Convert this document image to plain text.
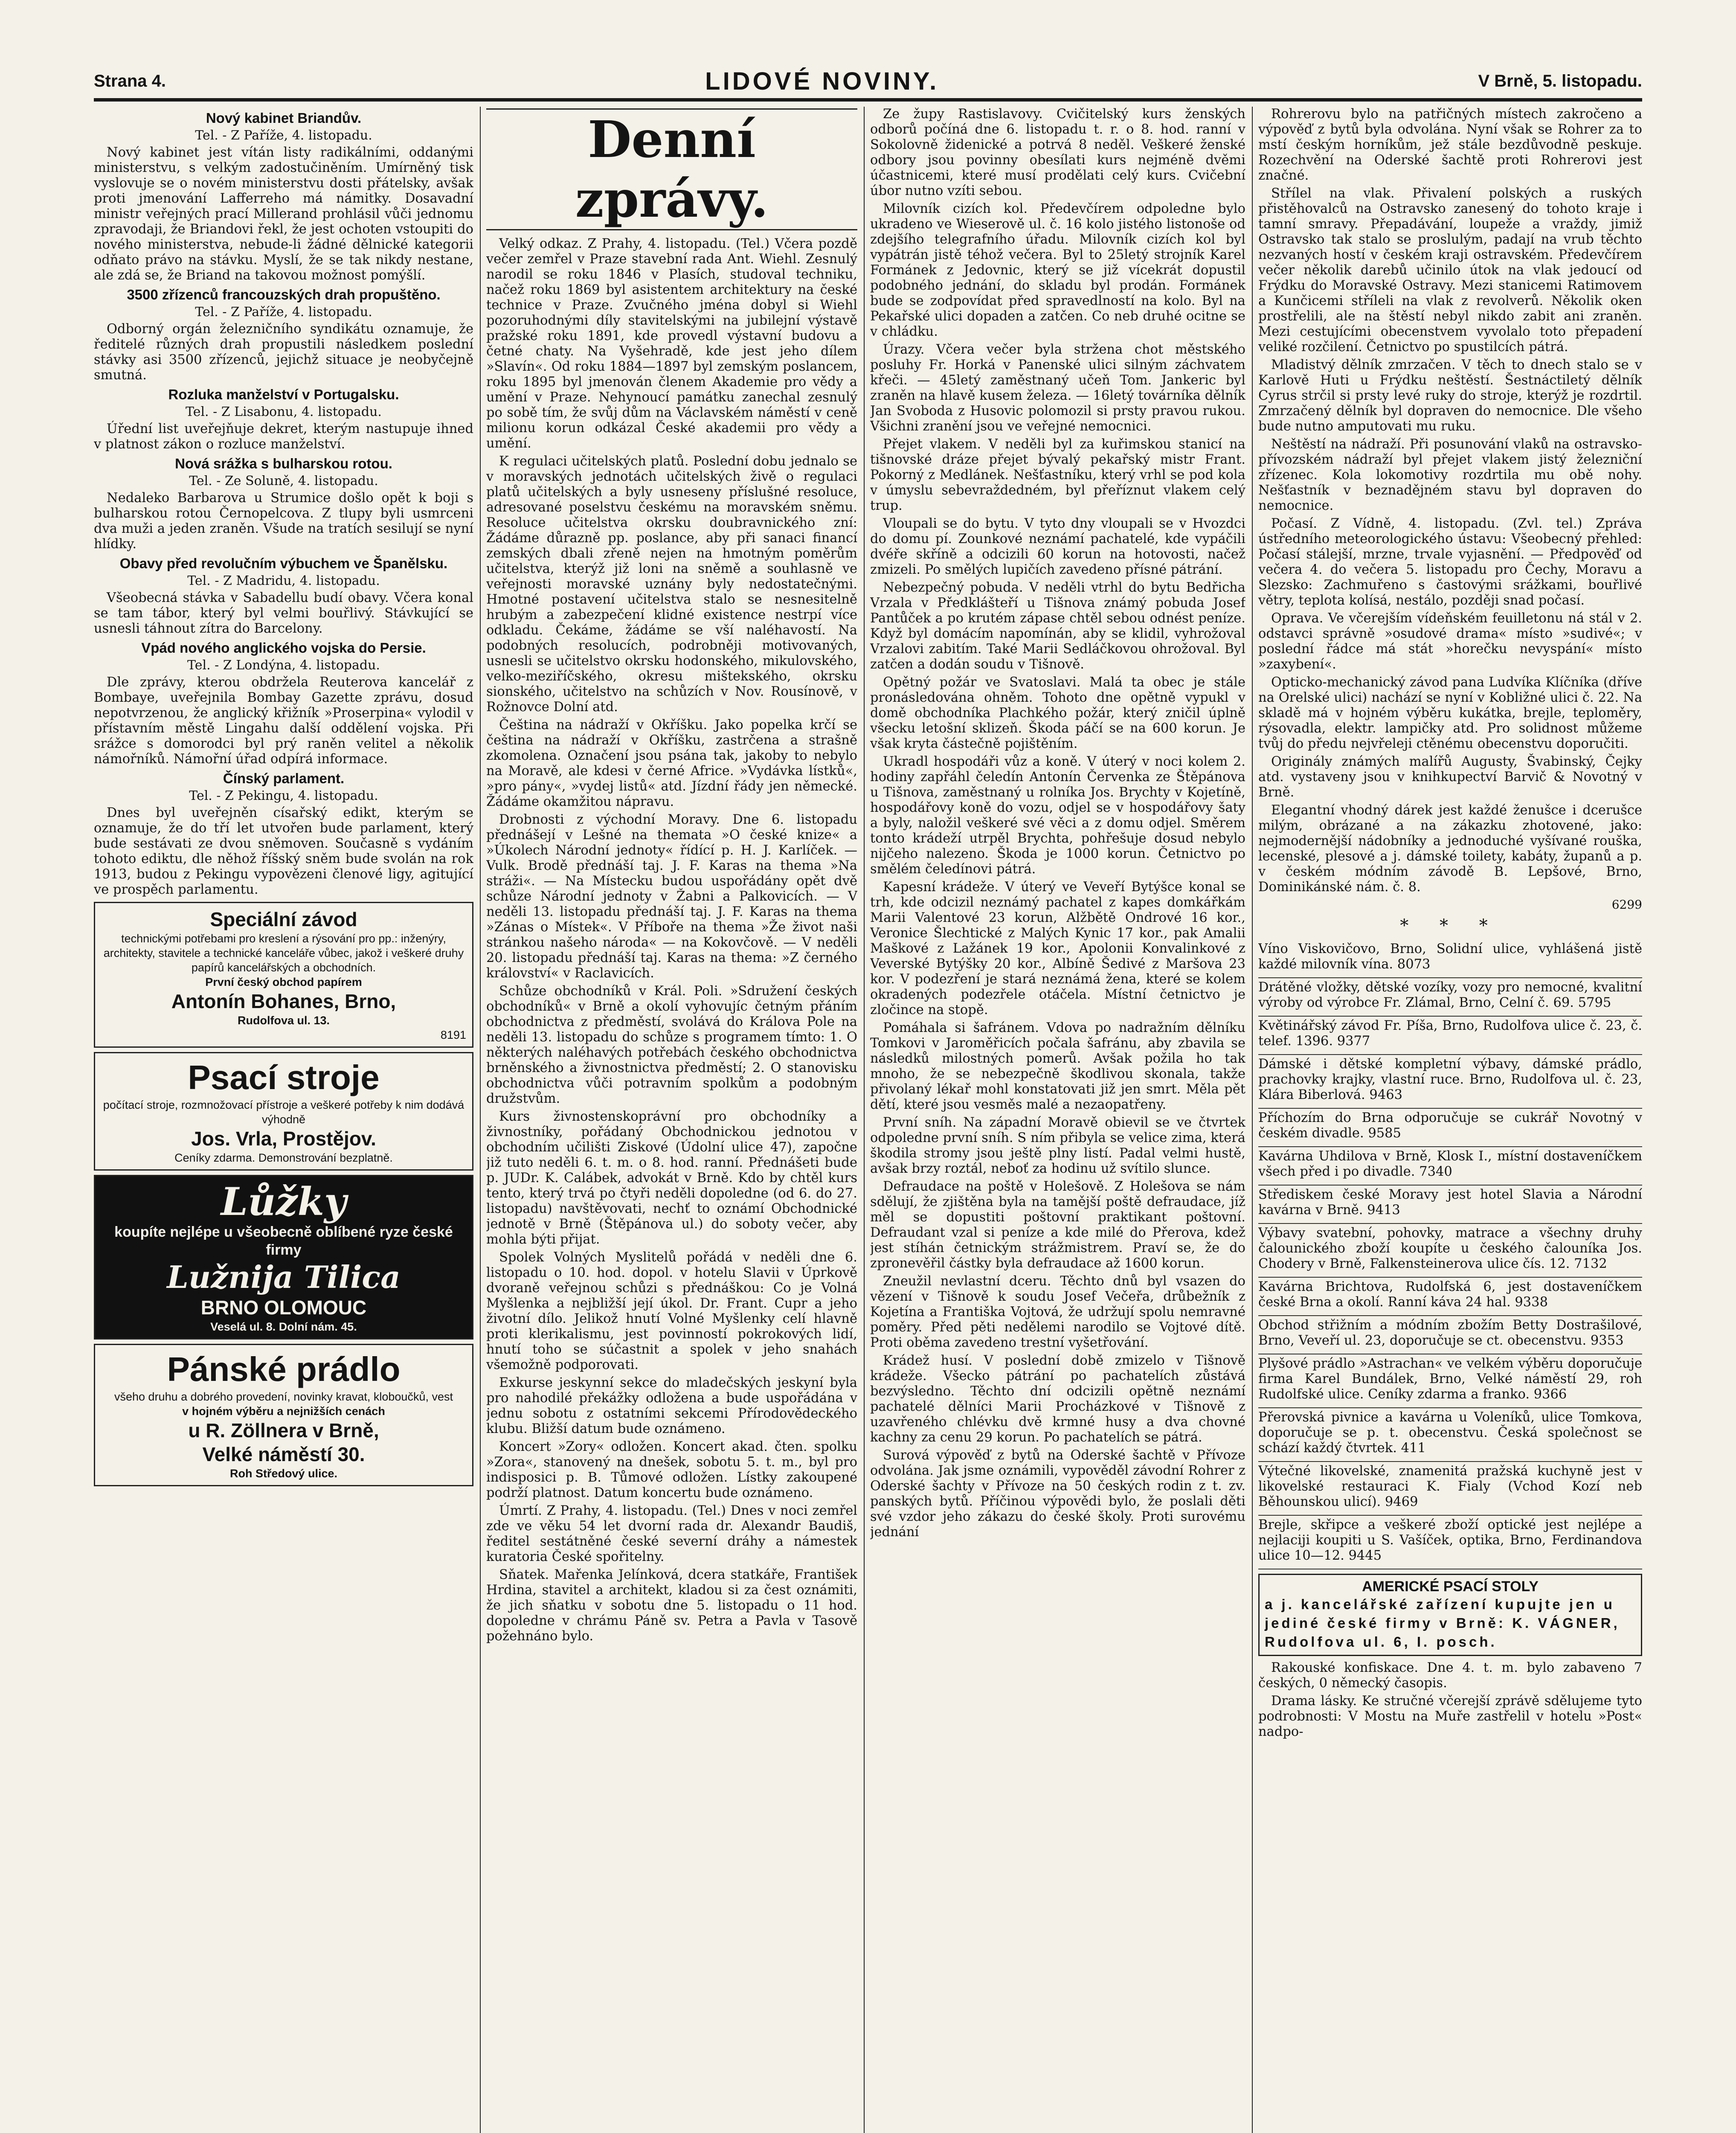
Strana 4.	LIDOVÉ NOVINY.	V Brně, 5. listopadu.
Nový kabinet Briandův.
Tel. - Z Paříže, 4. listopadu.

Nový kabinet jest vítán listy radikálními, oddanými ministerstvu, s velkým zadostučiněním. Umírněný tisk vyslovuje se o novém ministerstvu dosti přátelsky, avšak proti jmenování Lafferreho má námitky. Dosavadní ministr veřejných prací Millerand prohlásil vůči jednomu zpravodaji, že Briandovi řekl, že jest ochoten vstoupiti do nového ministerstva, nebude-li žádné dělnické kategorii odňato právo na stávku. Myslí, že se tak nikdy nestane, ale zdá se, že Briand na takovou možnost pomýšlí.

3500 zřízenců francouzských drah propuštěno.
Tel. - Z Paříže, 4. listopadu.

Odborný orgán železničního syndikátu oznamuje, že ředitelé různých drah propustili následkem poslední stávky asi 3500 zřízenců, jejichž situace je neobyčejně smutná.

Rozluka manželství v Portugalsku.
Tel. - Z Lisabonu, 4. listopadu.

Úřední list uveřejňuje dekret, kterým nastupuje ihned v platnost zákon o rozluce manželství.

Nová srážka s bulharskou rotou.
Tel. - Ze Soluně, 4. listopadu.

Nedaleko Barbarova u Strumice došlo opět k boji s bulharskou rotou Černopelcova. Z tlupy byli usmrceni dva muži a jeden zraněn. Všude na tratích sesilují se nyní hlídky.

Obavy před revolučním výbuchem ve Španělsku.
Tel. - Z Madridu, 4. listopadu.

Všeobecná stávka v Sabadellu budí obavy. Včera konal se tam tábor, který byl velmi bouřlivý. Stávkující se usnesli táhnout zítra do Barcelony.

Vpád nového anglického vojska do Persie.
Tel. - Z Londýna, 4. listopadu.

Dle zprávy, kterou obdržela Reuterova kancelář z Bombaye, uveřejnila Bombay Gazette zprávu, dosud nepotvrzenou, že anglický křižník »Proserpina« vylodil v přístavním městě Lingahu další oddělení vojska. Při srážce s domorodci byl prý raněn velitel a několik námořníků. Námořní úřad odpírá informace.

Čínský parlament.
Tel. - Z Pekingu, 4. listopadu.

Dnes byl uveřejněn císařský edikt, kterým se oznamuje, že do tří let utvořen bude parlament, který bude sestávati ze dvou sněmoven. Současně s vydáním tohoto ediktu, dle něhož říšský sněm bude svolán na rok 1913, budou z Pekingu vypovězeni členové ligy, agitující ve prospěch parlamentu.

Speciální závod
technickými potřebami pro kreslení a rýsování pro pp.: inženýry, architekty, stavitele a technické kanceláře vůbec, jakož i veškeré druhy papírů kancelářských a obchodních.
První český obchod papírem
Antonín Bohanes, Brno,
Rudolfova ul. 13.
8191
Psací stroje
počítací stroje, rozmnožovací přístroje a veškeré potřeby k nim dodává výhodně
Jos. Vrla, Prostějov.
Ceníky zdarma. Demonstrování bezplatně.
Lůžky
koupíte nejlépe u všeobecně oblíbené ryze české firmy
Lužnija Tilica
BRNO OLOMOUC
Veselá ul. 8. Dolní nám. 45.
Pánské prádlo
všeho druhu a dobrého provedení, novinky kravat, kloboučků, vest
v hojném výběru a nejnižších cenách
u R. Zöllnera v Brně,
Velké náměstí 30.
Roh Středový ulice.
Denní zprávy.

Velký odkaz. Z Prahy, 4. listopadu. (Tel.) Včera pozdě večer zemřel v Praze stavební rada Ant. Wiehl. Zesnulý narodil se roku 1846 v Plasích, studoval techniku, načež roku 1869 byl asistentem architektury na české technice v Praze. Zvučného jména dobyl si Wiehl pozoruhodnými díly stavitelskými na jubilejní výstavě pražské roku 1891, kde provedl výstavní budovu a četné chaty. Na Vyšehradě, kde jest jeho dílem »Slavín«. Od roku 1884—1897 byl zemským poslancem, roku 1895 byl jmenován členem Akademie pro vědy a umění v Praze. Nehynoucí památku zanechal zesnulý po sobě tím, že svůj dům na Václavském náměstí v ceně milionu korun odkázal České akademii pro vědy a umění.

K regulaci učitelských platů. Poslední dobu jednalo se v moravských jednotách učitelských živě o regulaci platů učitelských a byly usneseny příslušné resoluce, adresované poselstvu českému na moravském sněmu. Resoluce učitelstva okrsku doubravnického zní: Žádáme důrazně pp. poslance, aby při sanaci financí zemských dbali zřeně nejen na hmotným poměrům učitelstva, kterýž již loni na sněmě a souhlasně ve veřejnosti moravské uznány byly nedostatečnými. Hmotné postavení učitelstva stalo se nesnesitelně hrubým a zabezpečení klidné existence nestrpí více odkladu. Čekáme, žádáme se vší naléhavostí. Na podobných resolucích, podrobněji motivovaných, usnesli se učitelstvo okrsku hodonského, mikulovského, velko-meziříčského, okresu mištekského, okrsku sionského, učitelstvo na schůzích v Nov. Rousínově, v Rožnovce Dolní atd.

Čeština na nádraží v Okříšku. Jako popelka krčí se čeština na nádraží v Okříšku, zastrčena a strašně zkomolena. Označení jsou psána tak, jakoby to nebylo na Moravě, ale kdesi v černé Africe. »Vydávka lístků«, »pro pány«, »vydej listů« atd. Jízdní řády jen německé. Žádáme okamžitou nápravu.

Drobnosti z východní Moravy. Dne 6. listopadu přednášejí v Lešné na themata »O české knize« a »Úkolech Národní jednoty« řídící p. H. J. Karlíček. — Vulk. Brodě přednáší taj. J. F. Karas na thema »Na stráži«. — Na Místecku budou uspořádány opět dvě schůze Národní jednoty v Žabni a Palkovicích. — V neděli 13. listopadu přednáší taj. J. F. Karas na thema »Zánas o Místek«. V Příboře na thema »Že život naši stránkou našeho národa« — na Kokovčově. — V neděli 20. listopadu přednáší taj. Karas na thema: »Z černého království« v Raclavicích.

Schůze obchodníků v Král. Poli. »Sdružení českých obchodníků« v Brně a okolí vyhovujíc četným přáním obchodnictva z předměstí, svolává do Králova Pole na neděli 13. listopadu do schůze s programem tímto: 1. O některých naléhavých potřebách českého obchodnictva brněnského a živnostnictva předměstí; 2. O stanovisku obchodnictva vůči potravním spolkům a podobným družstvům.

Kurs živnostenskoprávní pro obchodníky a živnostníky, pořádaný Obchodnickou jednotou v obchodním učilišti Ziskové (Údolní ulice 47), započne již tuto neděli 6. t. m. o 8. hod. ranní. Přednášeti bude p. JUDr. K. Calábek, advokát v Brně. Kdo by chtěl kurs tento, který trvá po čtyři neděli dopoledne (od 6. do 27. listopadu) navštěvovati, nechť to oznámí Obchodnické jednotě v Brně (Štěpánova ul.) do soboty večer, aby mohla býti přijat.

Spolek Volných Myslitelů pořádá v neděli dne 6. listopadu o 10. hod. dopol. v hotelu Slavii v Úprkově dvoraně veřejnou schůzi s přednáškou: Co je Volná Myšlenka a nejbližší její úkol. Dr. Frant. Cupr a jeho životní dílo. Jelikož hnutí Volné Myšlenky celí hlavně proti klerikalismu, jest povinností pokrokových lidí, hnutí toho se súčastnit a spolek v jeho snahách všemožně podporovati.

Exkurse jeskynní sekce do mladečských jeskyní byla pro nahodilé překážky odložena a bude uspořádána v jednu sobotu z ostatními sekcemi Přírodovědeckého klubu. Bližší datum bude oznámeno.

Koncert »Zory« odložen. Koncert akad. čten. spolku »Zora«, stanovený na dnešek, sobotu 5. t. m., byl pro indisposici p. B. Tůmové odložen. Lístky zakoupené podrží platnost. Datum koncertu bude oznámeno.

Úmrtí. Z Prahy, 4. listopadu. (Tel.) Dnes v noci zemřel zde ve věku 54 let dvorní rada dr. Alexandr Baudiš, ředitel sestátněné české severní dráhy a námestek kuratoria České spořitelny.

Sňatek. Mařenka Jelínková, dcera statkáře, František Hrdina, stavitel a architekt, kladou si za čest oznámiti, že jich sňatku v sobotu dne 5. listopadu o 11 hod. dopoledne v chrámu Páně sv. Petra a Pavla v Tasově požehnáno bylo.

Ze župy Rastislavovy. Cvičitelský kurs ženských odborů počíná dne 6. listopadu t. r. o 8. hod. ranní v Sokolovně židenické a potrvá 8 neděl. Veškeré ženské odbory jsou povinny obesílati kurs nejméně dvěmi účastnicemi, které musí prodělati celý kurs. Cvičební úbor nutno vzíti sebou.

Milovník cizích kol. Předevčírem odpoledne bylo ukradeno ve Wieserově ul. č. 16 kolo jistého listonoše od zdejšího telegrafního úřadu. Milovník cizích kol byl vypátrán jistě téhož večera. Byl to 25letý strojník Karel Formánek z Jedovnic, který se již vícekrát dopustil podobného jednání, do skladu byl prodán. Formánek bude se zodpovídat před spravedlností na kolo. Byl na Pekařské ulici dopaden a zatčen. Co neb druhé ocitne se v chládku.

Úrazy. Včera večer byla stržena chot městského posluhy Fr. Horká v Panenské ulici silným záchvatem křeči. — 45letý zaměstnaný učeň Tom. Jankeric byl zraněn na hlavě kusem železa. — 16letý továrníka dělník Jan Svoboda z Husovic polomozil si prsty pravou rukou. Všichni zranění jsou ve veřejné nemocnici.

Přejet vlakem. V neděli byl za kuřimskou stanicí na tišnovské dráze přejet bývalý pekařský mistr Frant. Pokorný z Medlánek. Nešťastníku, který vrhl se pod kola v úmyslu sebevraždedném, byl přeříznut vlakem celý trup.

Vloupali se do bytu. V tyto dny vloupali se v Hvozdci do domu pí. Zounkové neznámí pachatelé, kde vypáčili dvéře skříně a odcizili 60 korun na hotovosti, načež zmizeli. Po smělých lupičích zavedeno přísné pátrání.

Nebezpečný pobuda. V neděli vtrhl do bytu Bedřicha Vrzala v Předklášteří u Tišnova známý pobuda Josef Pantůček a po krutém zápase chtěl sebou odnést peníze. Když byl domácím napomínán, aby se klidil, vyhrožoval Vrzalovi zabitím. Také Marii Sedláčkovou ohrožoval. Byl zatčen a dodán soudu v Tišnově.

Opětný požár ve Svatoslavi. Malá ta obec je stále pronásledována ohněm. Tohoto dne opětně vypukl v domě obchodníka Plachkého požár, který zničil úplně všecku letošní sklizeň. Škoda páčí se na 600 korun. Je však kryta částečně pojištěním.

Ukradl hospodáři vůz a koně. V úterý v noci kolem 2. hodiny zapřáhl čeledín Antonín Červenka ze Štěpánova u Tišnova, zaměstnaný u rolníka Jos. Brychty v Kojetíně, hospodářovy koně do vozu, odjel se v hospodářovy šaty a byly, naložil veškeré své věci a z domu odjel. Směrem tonto krádeží utrpěl Brychta, pohřešuje dosud nebylo nijčeho nalezeno. Škoda je 1000 korun. Četnictvo po smělém čeledínovi pátrá.

Kapesní krádeže. V úterý ve Veveří Bytýšce konal se trh, kde odcizil neznámý pachatel z kapes domkářkám Marii Valentové 23 korun, Alžbětě Ondrové 16 kor., Veronice Šlechtické z Malých Kynic 17 kor., pak Amalii Maškové z Lažánek 19 kor., Apolonii Konvalinkové z Veverské Bytýšky 20 kor., Albíně Šedivé z Maršova 23 kor. V podezření je stará neznámá žena, které se kolem okradených podezřele otáčela. Místní četnictvo je zločince na stopě.

Pomáhala si šafránem. Vdova po nadražním dělníku Tomkovi v Jaroměřicích počala šafránu, aby zbavila se následků milostných pomerů. Avšak požila ho tak mnoho, že se nebezpečně škodlivou skonala, takže přivolaný lékař mohl konstatovati již jen smrt. Měla pět dětí, které jsou vesměs malé a nezaopatřeny.

První sníh. Na západní Moravě obievil se ve čtvrtek odpoledne první sníh. S ním přibyla se velice zima, která škodila stromy jsou ještě plny listí. Padal velmi hustě, avšak brzy roztál, neboť za hodinu už svítilo slunce.

Defraudace na poště v Holešově. Z Holešova se nám sdělují, že zjištěna byla na tamější poště defraudace, jíž měl se dopustiti poštovní praktikant poštovní. Defraudant vzal si peníze a kde milé do Přerova, kdež jest stíhán četnickým strážmistrem. Praví se, že do zpronevěřil částky byla defraudace až 1600 korun.

Zneužil nevlastní dceru. Těchto dnů byl vsazen do vězení v Tišnově k soudu Josef Večeřa, drůbežník z Kojetína a Františka Vojtová, že udržují spolu nemravné poměry. Před pěti nedělemi narodilo se Vojtové dítě. Proti oběma zavedeno trestní vyšetřování.

Krádež husí. V poslední době zmizelo v Tišnově krádeže. Všecko pátrání po pachatelích zůstává bezvýsledno. Těchto dní odcizili opětně neznámí pachatelé dělníci Marii Procházkové v Tišnově z uzavřeného chlévku dvě krmné husy a dva chovné kachny za cenu 29 korun. Po pachatelích se pátrá.

Surová výpověď z bytů na Oderské šachtě v Přívoze odvolána. Jak jsme oznámili, vypověděl závodní Rohrer z Oderské šachty v Přívoze na 50 českých rodin z t. zv. panských bytů. Příčinou výpovědi bylo, že poslali děti své vzdor jeho zákazu do české školy. Proti surovému jednání

Rohrerovu bylo na patřičných místech zakročeno a výpověď z bytů byla odvolána. Nyní však se Rohrer za to mstí českým horníkům, jež stále bezdůvodně peskuje. Rozechvění na Oderské šachtě proti Rohrerovi jest značné.

Střílel na vlak. Přivalení polských a ruských přistěhovalců na Ostravsko zanesený do tohoto kraje i tamní smravy. Přepadávání, loupeže a vraždy, jimiž Ostravsko tak stalo se proslulým, padají na vrub těchto nezvaných hostí v českém kraji ostravském. Předevčírem večer několik darebů učinilo útok na vlak jedoucí od Frýdku do Moravské Ostravy. Mezi stanicemi Ratimovem a Kunčicemi stříleli na vlak z revolverů. Několik oken prostřelili, ale na štěstí nebyl nikdo zabit ani zraněn. Mezi cestujícími obecenstvem vyvolalo toto přepadení veliké rozčilení. Četnictvo po spustilcích pátrá.

Mladistvý dělník zmrzačen. V těch to dnech stalo se v Karlově Huti u Frýdku neštěstí. Šestnáctiletý dělník Cyrus strčil si prsty levé ruky do stroje, kterýž je rozdrtil. Zmrzačený dělník byl dopraven do nemocnice. Dle všeho bude nutno amputovati mu ruku.

Neštěstí na nádraží. Při posunování vlaků na ostravsko-přívozském nádraží byl přejet vlakem jistý železniční zřízenec. Kola lokomotivy rozdrtila mu obě nohy. Nešťastník v beznadějném stavu byl dopraven do nemocnice.

Počasí. Z Vídně, 4. listopadu. (Zvl. tel.) Zpráva ústředního meteorologického ústavu: Všeobecný přehled: Počasí stálejší, mrzne, trvale vyjasnění. — Předpověď od večera 4. do večera 5. listopadu pro Čechy, Moravu a Slezsko: Zachmuřeno s častovými srážkami, bouřlivé větry, teplota kolísá, nestálo, později snad počasí.

Oprava. Ve včerejším vídeňském feuilletonu ná stál v 2. odstavci správně »osudové drama« místo »sudivé«; v poslední řádce má stát »horečku nevyspání« místo »zaxybení«.

Opticko-mechanický závod pana Ludvíka Klíčníka (dříve na Orelské ulici) nachází se nyní v Kobližné ulici č. 22. Na skladě má v hojném výběru kukátka, brejle, teploměry, rýsovadla, elektr. lampičky atd. Pro solidnost můžeme tvůj do předu nejvřeleji ctěnému obecenstvu doporučiti.

Originály známých malířů Augusty, Švabinský, Čejky atd. vystaveny jsou v knihkupectví Barvič & Novotný v Brně.

Elegantní vhodný dárek jest každé ženušce i dcerušce milým, obrázané a na zákazku zhotovené, jako: nejmodernější nádobníky a jednoduché vyšívané rouška, lecenské, plesové a j. dámské toilety, kabáty, županů a p. v českém módním závodě B. Lepšové, Brno, Dominikánské nám. č. 8.

6299
* * *

Víno Viskovičovo, Brno, Solidní ulice, vyhlášená jistě každé milovník vína. 8073

Drátěné vložky, dětské vozíky, vozy pro nemocné, kvalitní výroby od výrobce Fr. Zlámal, Brno, Celní č. 69. 5795

Květinářský závod Fr. Píša, Brno, Rudolfova ulice č. 23, č. telef. 1396. 9377

Dámské i dětské kompletní výbavy, dámské prádlo, prachovky krajky, vlastní ruce. Brno, Rudolfova ul. č. 23, Klára Biberlová. 9463

Příchozím do Brna odporučuje se cukrář Novotný v českém divadle. 9585

Kavárna Uhdilova v Brně, Klosk I., místní dostaveníčkem všech před i po divadle. 7340

Střediskem české Moravy jest hotel Slavia a Národní kavárna v Brně. 9413

Výbavy svatební, pohovky, matrace a všechny druhy čalounického zboží koupíte u českého čalouníka Jos. Chodery v Brně, Falkensteinerova ulice čís. 12. 7132

Kavárna Brichtova, Rudolfská 6, jest dostaveníčkem české Brna a okolí. Ranní káva 24 hal. 9338

Obchod střižním a módním zbožím Betty Dostrašilové, Brno, Veveří ul. 23, doporučuje se ct. obecenstvu. 9353

Plyšové prádlo »Astrachan« ve velkém výběru doporučuje firma Karel Bundálek, Brno, Velké náměstí 29, roh Rudolfské ulice. Ceníky zdarma a franko. 9366

Přerovská pivnice a kavárna u Voleníků, ulice Tomkova, doporučuje se p. t. obecenstvu. Česká společnost se schází každý čtvrtek. 411

Výtečné likovelské, znamenitá pražská kuchyně jest v likovelské restauraci K. Fialy (Vchod Kozí neb Běhounskou ulicí). 9469

Brejle, skřipce a veškeré zboží optické jest nejlépe a nejlaciji koupiti u S. Vašíček, optika, Brno, Ferdinandova ulice 10—12. 9445

AMERICKÉ PSACÍ STOLY
a j. kancelářské zařízení kupujte jen u jediné české firmy v Brně: K. VÁGNER, Rudolfova ul. 6, I. posch.

Rakouské konfiskace. Dne 4. t. m. bylo zabaveno 7 českých, 0 německý časopis.

Drama lásky. Ke stručné včerejší zprávě sdělujeme tyto podrobnosti: V Mostu na Muře zastřelil v hotelu »Post« nadpo-
